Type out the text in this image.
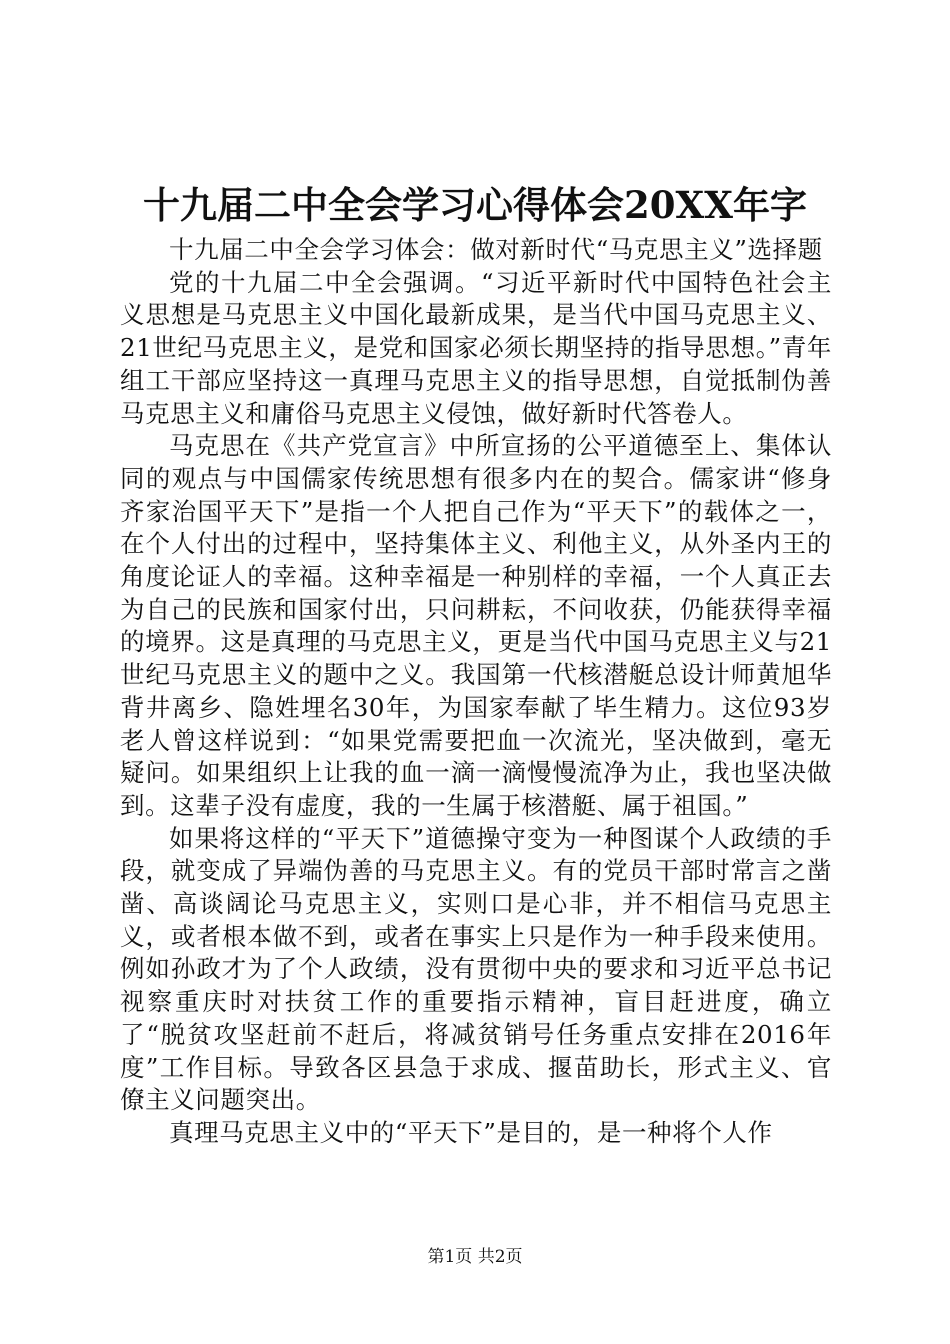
十九届二中全会学习心得体会20XX年字

十九届二中全会学习体会：做对新时代“马克思主义”选择题

党的十九届二中全会强调。“习近平新时代中国特色社会主义思想是马克思主义中国化最新成果，是当代中国马克思主义、21世纪马克思主义，是党和国家必须长期坚持的指导思想。”青年组工干部应坚持这一真理马克思主义的指导思想，自觉抵制伪善马克思主义和庸俗马克思主义侵蚀，做好新时代答卷人。

马克思在《共产党宣言》中所宣扬的公平道德至上、集体认同的观点与中国儒家传统思想有很多内在的契合。儒家讲“修身齐家治国平天下”是指一个人把自己作为“平天下”的载体之一，在个人付出的过程中，坚持集体主义、利他主义，从外圣内王的角度论证人的幸福。这种幸福是一种别样的幸福，一个人真正去为自己的民族和国家付出，只问耕耘，不问收获，仍能获得幸福的境界。这是真理的马克思主义，更是当代中国马克思主义与21世纪马克思主义的题中之义。我国第一代核潜艇总设计师黄旭华背井离乡、隐姓埋名30年，为国家奉献了毕生精力。这位93岁老人曾这样说到：“如果党需要把血一次流光，坚决做到，毫无疑问。如果组织上让我的血一滴一滴慢慢流净为止，我也坚决做到。这辈子没有虚度，我的一生属于核潜艇、属于祖国。”

如果将这样的“平天下”道德操守变为一种图谋个人政绩的手段，就变成了异端伪善的马克思主义。有的党员干部时常言之凿凿、高谈阔论马克思主义，实则口是心非，并不相信马克思主义，或者根本做不到，或者在事实上只是作为一种手段来使用。例如孙政才为了个人政绩，没有贯彻中央的要求和习近平总书记视察重庆时对扶贫工作的重要指示精神，盲目赶进度，确立了“脱贫攻坚赶前不赶后，将减贫销号任务重点安排在2016年度”工作目标。导致各区县急于求成、揠苗助长，形式主义、官僚主义问题突出。

真理马克思主义中的“平天下”是目的，是一种将个人作

第1页 共2页
